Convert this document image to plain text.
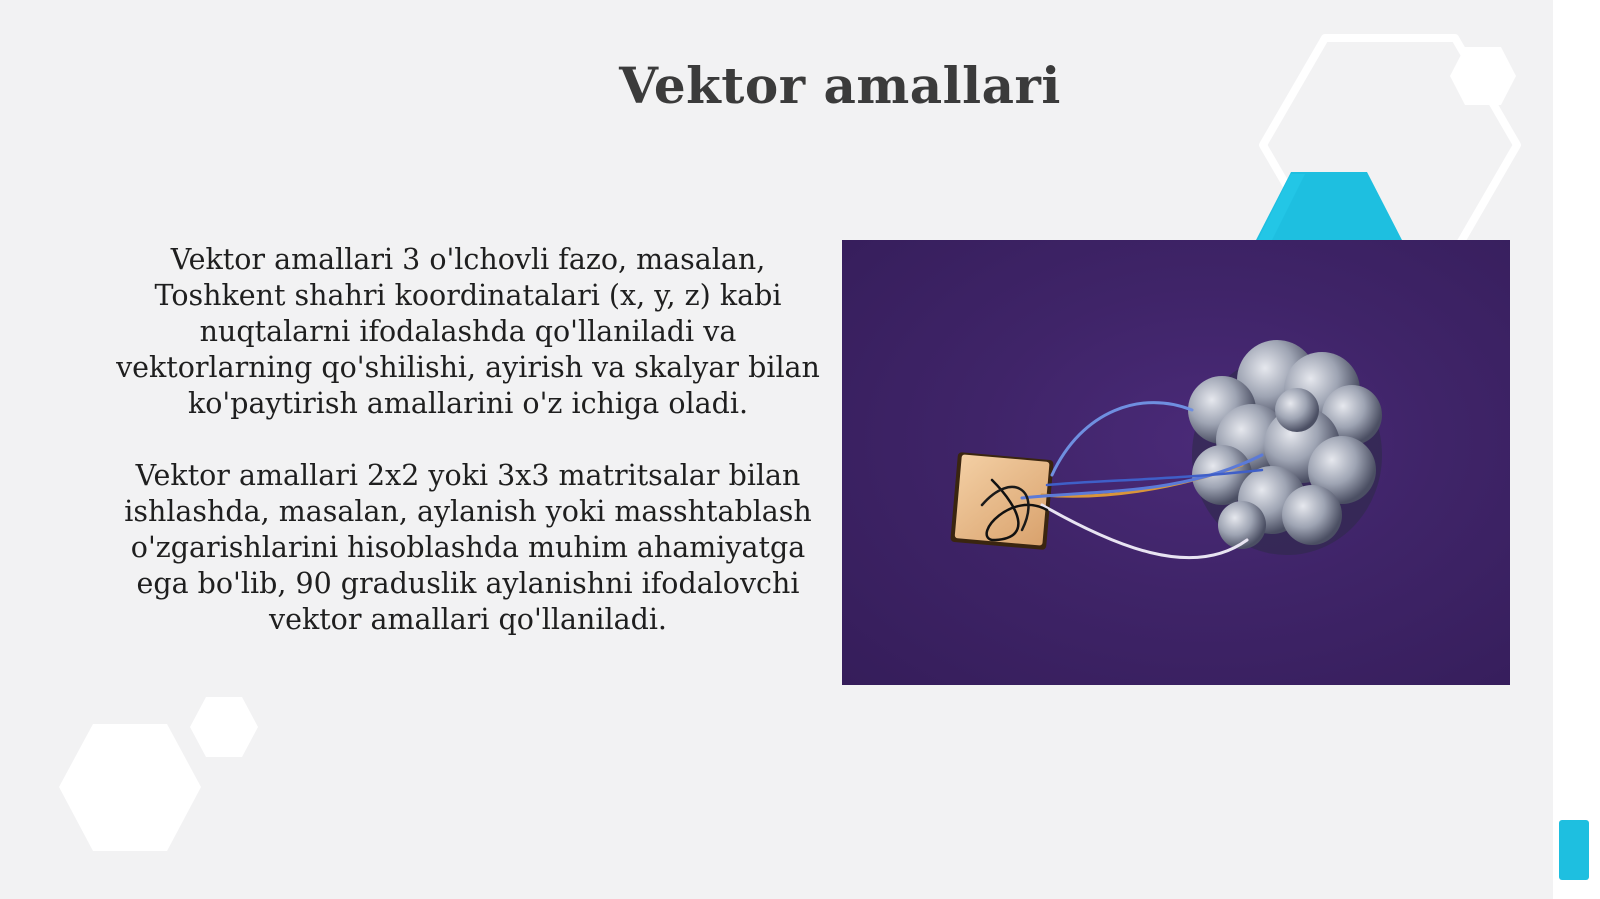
Vektor amallari

Vektor amallari 3 o'lchovli fazo, masalan, Toshkent shahri koordinatalari (x, y, z) kabi nuqtalarni ifodalashda qo'llaniladi va vektorlarning qo'shilishi, ayirish va skalyar bilan ko'paytirish amallarini o'z ichiga oladi.

Vektor amallari 2x2 yoki 3x3 matritsalar bilan ishlashda, masalan, aylanish yoki masshtablash o'zgarishlarini hisoblashda muhim ahamiyatga ega bo'lib, 90 graduslik aylanishni ifodalovchi vektor amallari qo'llaniladi.
